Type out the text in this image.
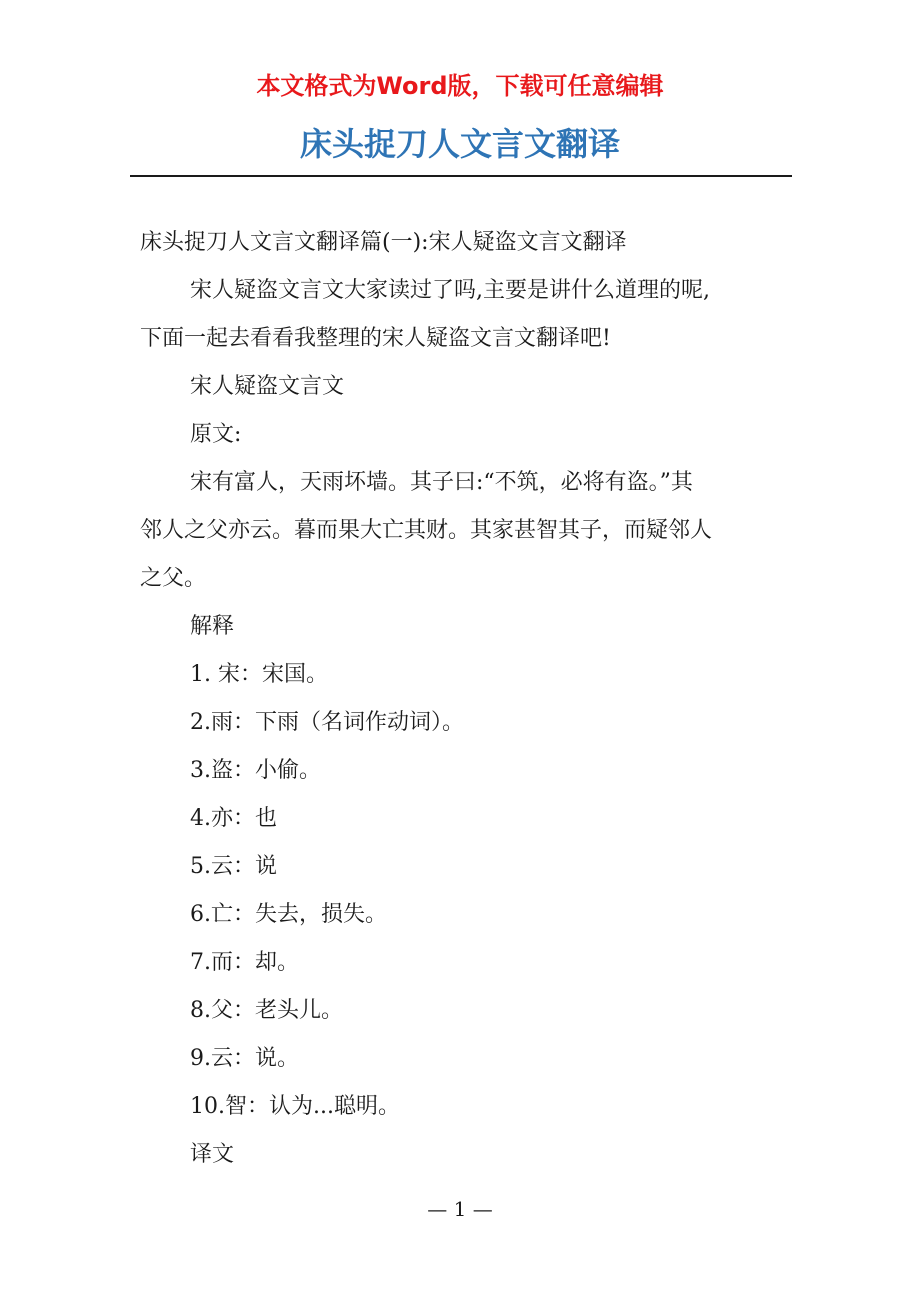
本文格式为Word版，下载可任意编辑
床头捉刀人文言文翻译
床头捉刀人文言文翻译篇(一):宋人疑盗文言文翻译
宋人疑盗文言文大家读过了吗,主要是讲什么道理的呢,
下面一起去看看我整理的宋人疑盗文言文翻译吧!
宋人疑盗文言文
原文:
宋有富人，天雨坏墙。其子曰:“不筑，必将有盗。”其
邻人之父亦云。暮而果大亡其财。其家甚智其子，而疑邻人
之父。
解释
1. 宋：宋国。
2.雨：下雨（名词作动词）。
3.盗：小偷。
4.亦：也
5.云：说
6.亡：失去，损失。
7.而：却。
8.父：老头儿。
9.云：说。
10.智：认为...聪明。
译文
— 1 —
